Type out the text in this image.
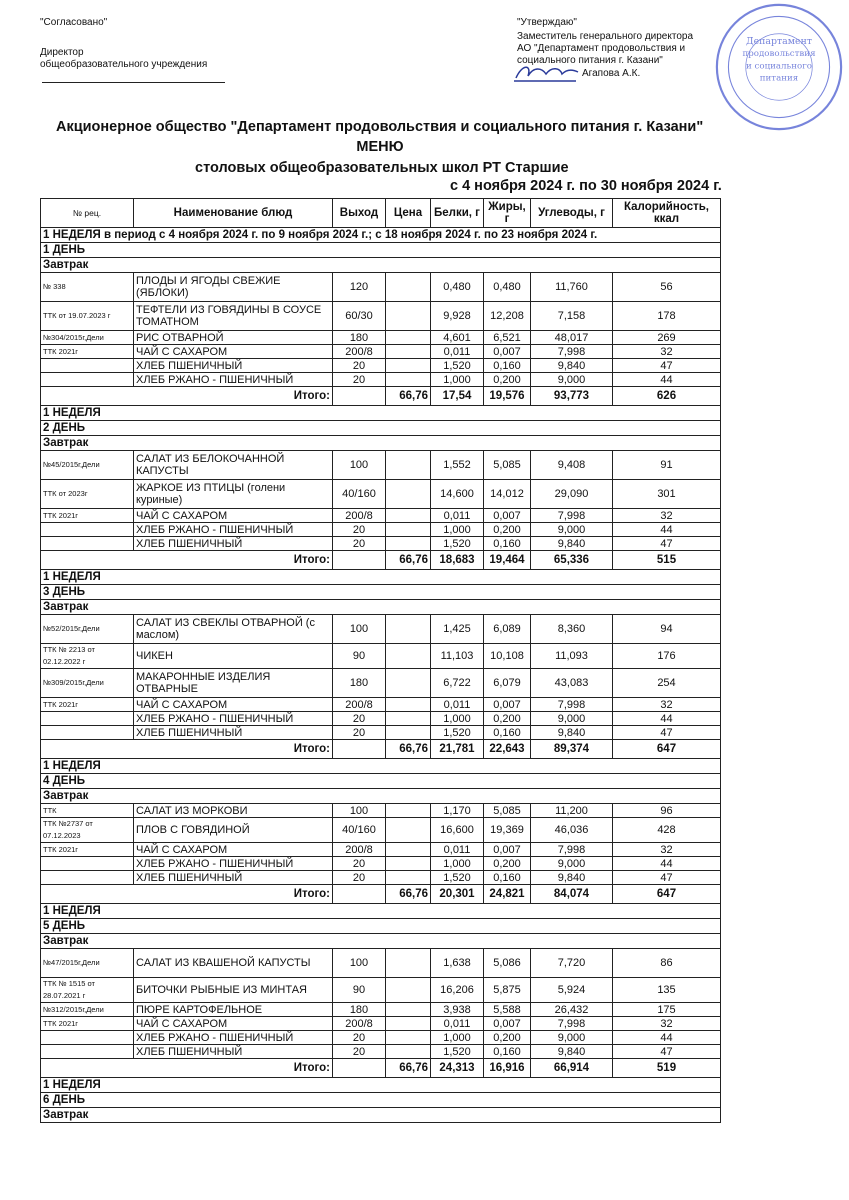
"Согласовано"
Директор
общеобразовательного учреждения
"Утверждаю"
Заместитель генерального директора
АО "Департамент продовольствия и
социального питания г. Казани"
Агапова А.К.
Департамент
продовольствия
и социального
питания
Акционерное общество "Департамент продовольствия и социального питания г. Казани"
МЕНЮ
столовых общеобразовательных школ РТ Старшие
с 4 ноября 2024 г. по 30 ноября 2024 г.
№ рец.	Наименование блюд	Выход	Цена	Белки, г	Жиры, г	Углеводы, г	Калорийность, ккал
1 НЕДЕЛЯ в период с 4 ноября 2024 г. по 9 ноября 2024 г.; с 18 ноября 2024 г. по 23 ноября 2024 г.							
1 ДЕНЬ							
Завтрак							
№ 338	ПЛОДЫ И ЯГОДЫ СВЕЖИЕ (ЯБЛОКИ)	120		0,480	0,480	11,760	56
ТТК от 19.07.2023 г	ТЕФТЕЛИ ИЗ ГОВЯДИНЫ В СОУСЕ ТОМАТНОМ	60/30		9,928	12,208	7,158	178
№304/2015г,Дели	РИС ОТВАРНОЙ	180		4,601	6,521	48,017	269
ТТК 2021г	ЧАЙ С САХАРОМ	200/8		0,011	0,007	7,998	32
	ХЛЕБ ПШЕНИЧНЫЙ	20		1,520	0,160	9,840	47
	ХЛЕБ РЖАНО - ПШЕНИЧНЫЙ	20		1,000	0,200	9,000	44
Итого:			66,76	17,54	19,576	93,773	626
1 НЕДЕЛЯ							
2 ДЕНЬ							
Завтрак							
№45/2015г,Дели	САЛАТ ИЗ БЕЛОКОЧАННОЙ КАПУСТЫ	100		1,552	5,085	9,408	91
ТТК от 2023г	ЖАРКОЕ ИЗ ПТИЦЫ (голени куриные)	40/160		14,600	14,012	29,090	301
ТТК 2021г	ЧАЙ С САХАРОМ	200/8		0,011	0,007	7,998	32
	ХЛЕБ РЖАНО - ПШЕНИЧНЫЙ	20		1,000	0,200	9,000	44
	ХЛЕБ ПШЕНИЧНЫЙ	20		1,520	0,160	9,840	47
Итого:			66,76	18,683	19,464	65,336	515
1 НЕДЕЛЯ							
3 ДЕНЬ							
Завтрак							
№52/2015г,Дели	САЛАТ ИЗ СВЕКЛЫ ОТВАРНОЙ (с маслом)	100		1,425	6,089	8,360	94
ТТК № 2213 от 02.12.2022 г	ЧИКЕН	90		11,103	10,108	11,093	176
№309/2015г,Дели	МАКАРОННЫЕ ИЗДЕЛИЯ ОТВАРНЫЕ	180		6,722	6,079	43,083	254
ТТК 2021г	ЧАЙ С САХАРОМ	200/8		0,011	0,007	7,998	32
	ХЛЕБ РЖАНО - ПШЕНИЧНЫЙ	20		1,000	0,200	9,000	44
	ХЛЕБ ПШЕНИЧНЫЙ	20		1,520	0,160	9,840	47
Итого:			66,76	21,781	22,643	89,374	647
1 НЕДЕЛЯ							
4 ДЕНЬ							
Завтрак							
ТТК	САЛАТ ИЗ МОРКОВИ	100		1,170	5,085	11,200	96
ТТК №2737 от 07.12.2023	ПЛОВ С ГОВЯДИНОЙ	40/160		16,600	19,369	46,036	428
ТТК 2021г	ЧАЙ С САХАРОМ	200/8		0,011	0,007	7,998	32
	ХЛЕБ РЖАНО - ПШЕНИЧНЫЙ	20		1,000	0,200	9,000	44
	ХЛЕБ ПШЕНИЧНЫЙ	20		1,520	0,160	9,840	47
Итого:			66,76	20,301	24,821	84,074	647
1 НЕДЕЛЯ							
5 ДЕНЬ							
Завтрак							
№47/2015г,Дели	САЛАТ ИЗ КВАШЕНОЙ КАПУСТЫ	100		1,638	5,086	7,720	86
ТТК № 1515 от 28.07.2021 г	БИТОЧКИ РЫБНЫЕ ИЗ МИНТАЯ	90		16,206	5,875	5,924	135
№312/2015г,Дели	ПЮРЕ КАРТОФЕЛЬНОЕ	180		3,938	5,588	26,432	175
ТТК 2021г	ЧАЙ С САХАРОМ	200/8		0,011	0,007	7,998	32
	ХЛЕБ РЖАНО - ПШЕНИЧНЫЙ	20		1,000	0,200	9,000	44
	ХЛЕБ ПШЕНИЧНЫЙ	20		1,520	0,160	9,840	47
Итого:			66,76	24,313	16,916	66,914	519
1 НЕДЕЛЯ							
6 ДЕНЬ							
Завтрак							
